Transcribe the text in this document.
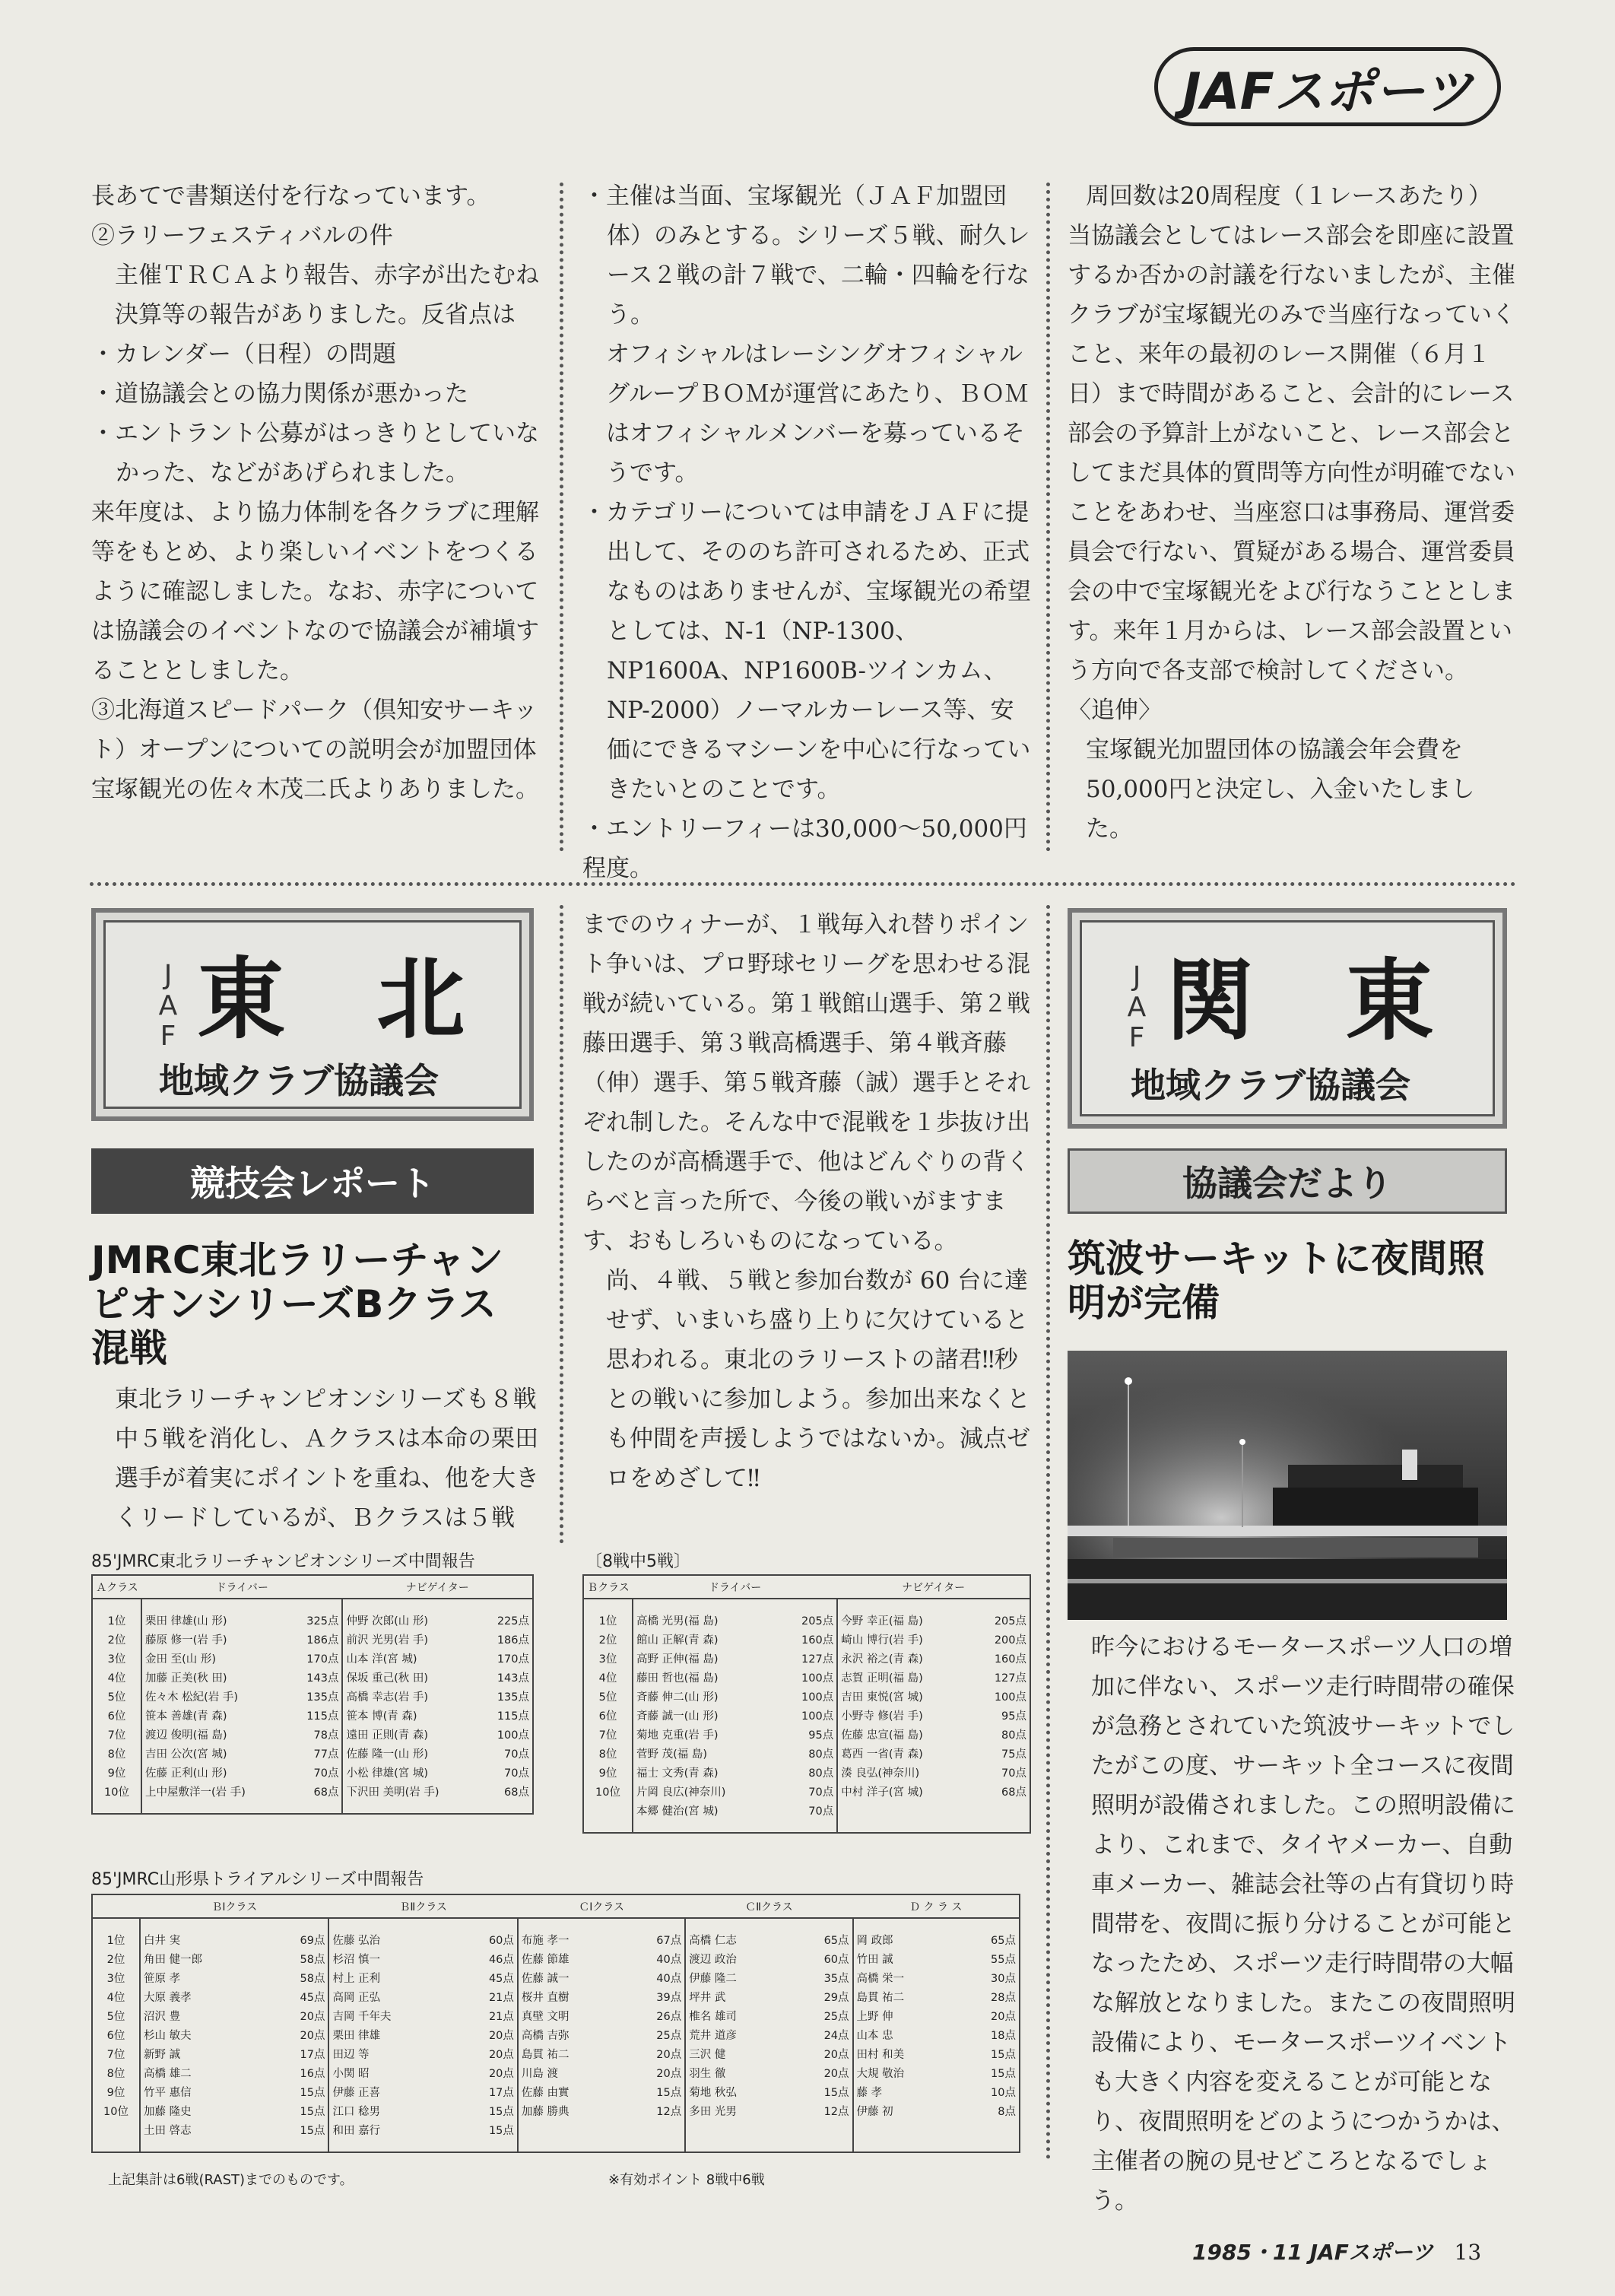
JAFスポーツ

長あてで書類送付を行なっています。

②ラリーフェスティバルの件

主催ＴＲＣＡより報告、赤字が出たむね決算等の報告がありました。反省点は

・カレンダー（日程）の問題

・道協議会との協力関係が悪かった

・エントラント公募がはっきりとしていなかった、などがあげられました。

来年度は、より協力体制を各クラブに理解等をもとめ、より楽しいイベントをつくるように確認しました。なお、赤字については協議会のイベントなので協議会が補塡することとしました。

③北海道スピードパーク（倶知安サーキット）オープンについての説明会が加盟団体宝塚観光の佐々木茂二氏よりありました。

・主催は当面、宝塚観光（ＪＡＦ加盟団体）のみとする。シリーズ５戦、耐久レース２戦の計７戦で、二輪・四輪を行なう。

オフィシャルはレーシングオフィシャルグループＢＯＭが運営にあたり、ＢＯＭはオフィシャルメンバーを募っているそうです。

・カテゴリーについては申請をＪＡＦに提出して、そののち許可されるため、正式なものはありませんが、宝塚観光の希望としては、N-1（NP-1300、NP1600A、NP1600B-ツインカム、NP-2000）ノーマルカーレース等、安価にできるマシーンを中心に行なっていきたいとのことです。

・エントリーフィーは30,000〜50,000円程度。

周回数は20周程度（１レースあたり）

当協議会としてはレース部会を即座に設置するか否かの討議を行ないましたが、主催クラブが宝塚観光のみで当座行なっていくこと、来年の最初のレース開催（６月１日）まで時間があること、会計的にレース部会の予算計上がないこと、レース部会としてまだ具体的質問等方向性が明確でないことをあわせ、当座窓口は事務局、運営委員会で行ない、質疑がある場合、運営委員会の中で宝塚観光をよび行なうこととします。来年１月からは、レース部会設置という方向で各支部で検討してください。

〈追伸〉

宝塚観光加盟団体の協議会年会費を50,000円と決定し、入金いたしました。

J
A
F 東 北
地域クラブ協議会
競技会レポート
JMRC東北ラリーチャンピオンシリーズBクラス混戦
東北ラリーチャンピオンシリーズも８戦中５戦を消化し、Ａクラスは本命の栗田選手が着実にポイントを重ね、他を大きくリードしているが、Ｂクラスは５戦

までのウィナーが、１戦毎入れ替りポイント争いは、プロ野球セリーグを思わせる混戦が続いている。第１戦館山選手、第２戦藤田選手、第３戦高橋選手、第４戦斉藤（伸）選手、第５戦斉藤（誠）選手とそれぞれ制した。そんな中で混戦を１歩抜け出したのが高橋選手で、他はどんぐりの背くらべと言った所で、今後の戦いがますます、おもしろいものになっている。

尚、４戦、５戦と参加台数が 60 台に達せず、いまいち盛り上りに欠けていると思われる。東北のラリーストの諸君‼秒との戦いに参加しよう。参加出来なくとも仲間を声援しようではないか。減点ゼロをめざして‼

85'JMRC東北ラリーチャンピオンシリーズ中間報告	〔8戦中5戦〕
Ａクラス	ドライバー		ナビゲイター	

1位	栗田 律雄(山 形)	325点	仲野 次郎(山 形)	225点
2位	藤原 修一(岩 手)	186点	前沢 光男(岩 手)	186点
3位	金田 至(山 形)	170点	山本 洋(宮 城)	170点
4位	加藤 正美(秋 田)	143点	保坂 重己(秋 田)	143点
5位	佐々木 松紀(岩 手)	135点	高橋 幸志(岩 手)	135点
6位	笹本 善雄(青 森)	115点	笹本 博(青 森)	115点
7位	渡辺 俊明(福 島)	78点	遠田 正則(青 森)	100点
8位	吉田 公次(宮 城)	77点	佐藤 隆一(山 形)	70点
9位	佐藤 正利(山 形)	70点	小松 律雄(宮 城)	70点
10位	上中屋敷洋一(岩 手)	68点	下沢田 美明(岩 手)	68点

Ｂクラス	ドライバー		ナビゲイター	

1位	高橋 光男(福 島)	205点	今野 幸正(福 島)	205点
2位	館山 正解(青 森)	160点	崎山 博行(岩 手)	200点
3位	高野 正伸(福 島)	127点	永沢 裕之(青 森)	160点
4位	藤田 哲也(福 島)	100点	志賀 正明(福 島)	127点
5位	斉藤 伸二(山 形)	100点	吉田 東悦(宮 城)	100点
6位	斉藤 誠一(山 形)	100点	小野寺 修(岩 手)	95点
7位	菊地 克重(岩 手)	95点	佐藤 忠宣(福 島)	80点
8位	菅野 茂(福 島)	80点	葛西 一省(青 森)	75点
9位	福士 文秀(青 森)	80点	湊 良弘(神奈川)	70点
10位	片岡 良広(神奈川)	70点	中村 洋子(宮 城)	68点
	本郷 健治(宮 城)	70点		

85'JMRC山形県トライアルシリーズ中間報告
	ＢⅠクラス		ＢⅡクラス		ＣⅠクラス		ＣⅡクラス		Ｄ ク ラ ス	

1位	白井 実	69点	佐藤 弘治	60点	布施 孝一	67点	高橋 仁志	65点	岡 政郎	65点
2位	角田 健一郎	58点	杉沼 慎一	46点	佐藤 節雄	40点	渡辺 政治	60点	竹田 誠	55点
3位	笹原 孝	58点	村上 正利	45点	佐藤 誠一	40点	伊藤 隆二	35点	高橋 栄一	30点
4位	大原 義孝	45点	高岡 正弘	21点	桜井 直樹	39点	坪井 武	29点	島貫 祐二	28点
5位	沼沢 豊	20点	吉岡 千年夫	21点	真壁 文明	26点	椎名 雄司	25点	上野 伸	20点
6位	杉山 敏夫	20点	栗田 律雄	20点	高橋 吉弥	25点	荒井 道彦	24点	山本 忠	18点
7位	新野 誠	17点	田辺 等	20点	島貫 祐二	20点	三沢 健	20点	田村 和美	15点
8位	高橋 雄二	16点	小関 昭	20点	川島 渡	20点	羽生 徹	20点	大規 敬治	15点
9位	竹平 惠信	15点	伊藤 正喜	17点	佐藤 由實	15点	菊地 秋弘	15点	藤 孝	10点
10位	加藤 隆史	15点	江口 稔男	15点	加藤 勝典	12点	多田 光男	12点	伊藤 初	8点
	土田 啓志	15点	和田 嘉行	15点						

上記集計は6戦(RAST)までのものです。	※有効ポイント 8戦中6戦
J
A
F 関 東
地域クラブ協議会
協議会だより
筑波サーキットに夜間照明が完備
昨今におけるモータースポーツ人口の増加に伴ない、スポーツ走行時間帯の確保が急務とされていた筑波サーキットでしたがこの度、サーキット全コースに夜間照明が設備されました。この照明設備により、これまで、タイヤメーカー、自動車メーカー、雑誌会社等の占有貸切り時間帯を、夜間に振り分けることが可能となったため、スポーツ走行時間帯の大幅な解放となりました。またこの夜間照明設備により、モータースポーツイベントも大きく内容を変えることが可能となり、夜間照明をどのようにつかうかは、主催者の腕の見せどころとなるでしょう。
1985・11 JAFスポーツ 13
